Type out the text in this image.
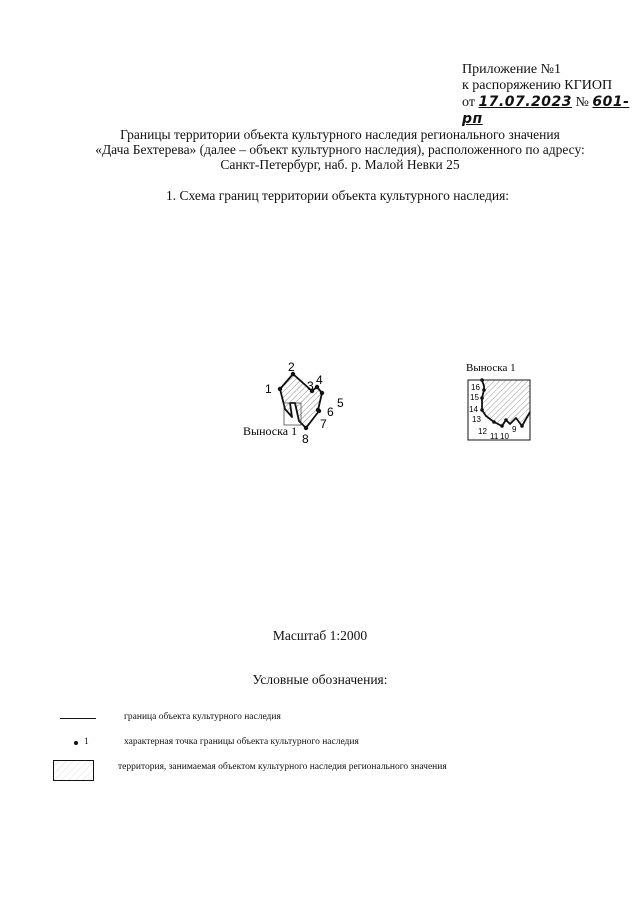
Приложение №1
к распоряжению КГИОП
от 17.07.2023 № 601-рп
Границы территории объекта культурного наследия регионального значения
«Дача Бехтерева» (далее – объект культурного наследия), расположенного по адресу:
Санкт-Петербург, наб. р. Малой Невки 25
1. Схема границ территории объекта культурного наследия:
1
2
3 4
5
6
7
8
Выноска 1
Выноска 1
16
15
14
13
12
11 10
9
Масштаб 1:2000
Условные обозначения:
граница объекта культурного наследия
1	характерная точка границы объекта культурного наследия
территория, занимаемая объектом культурного наследия регионального значения
